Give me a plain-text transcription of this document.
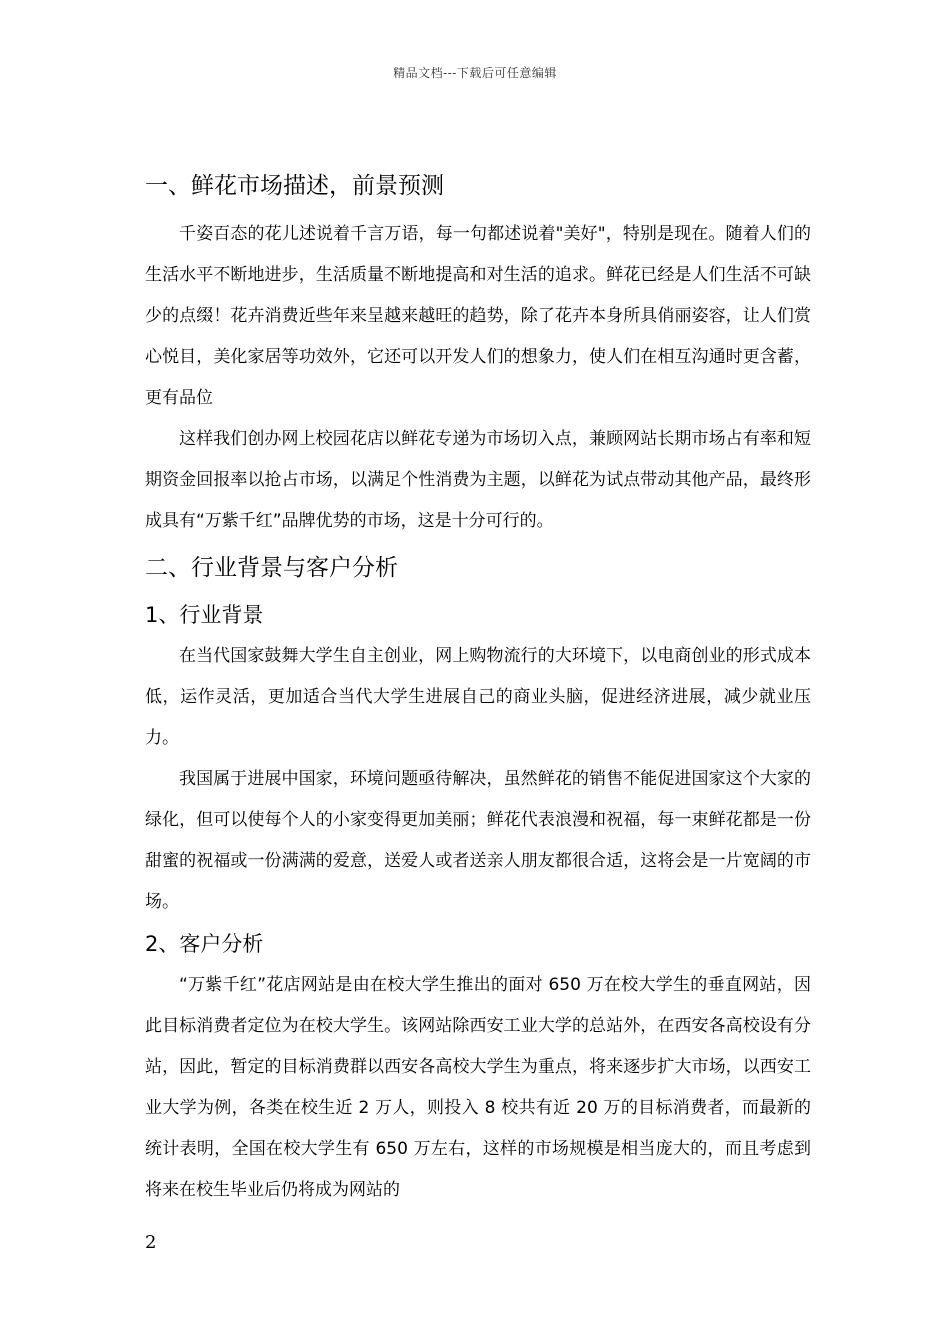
精品文档---下载后可任意编辑
一、鲜花市场描述，前景预测

千姿百态的花儿述说着千言万语，每一句都述说着"美好"，特别是现在。随着人们的生活水平不断地进步，生活质量不断地提高和对生活的追求。鲜花已经是人们生活不可缺少的点缀！花卉消费近些年来呈越来越旺的趋势，除了花卉本身所具俏丽姿容，让人们赏心悦目，美化家居等功效外，它还可以开发人们的想象力，使人们在相互沟通时更含蓄，更有品位

这样我们创办网上校园花店以鲜花专递为市场切入点，兼顾网站长期市场占有率和短期资金回报率以抢占市场，以满足个性消费为主题，以鲜花为试点带动其他产品，最终形成具有“万紫千红”品牌优势的市场，这是十分可行的。

二、行业背景与客户分析
1、行业背景

在当代国家鼓舞大学生自主创业，网上购物流行的大环境下，以电商创业的形式成本低，运作灵活，更加适合当代大学生进展自己的商业头脑，促进经济进展，减少就业压力。

我国属于进展中国家，环境问题亟待解决，虽然鲜花的销售不能促进国家这个大家的绿化，但可以使每个人的小家变得更加美丽；鲜花代表浪漫和祝福，每一束鲜花都是一份甜蜜的祝福或一份满满的爱意，送爱人或者送亲人朋友都很合适，这将会是一片宽阔的市场。

2、客户分析

“万紫千红”花店网站是由在校大学生推出的面对 650 万在校大学生的垂直网站，因此目标消费者定位为在校大学生。该网站除西安工业大学的总站外，在西安各高校设有分站，因此，暂定的目标消费群以西安各高校大学生为重点，将来逐步扩大市场，以西安工业大学为例，各类在校生近 2 万人，则投入 8 校共有近 20 万的目标消费者，而最新的统计表明，全国在校大学生有 650 万左右，这样的市场规模是相当庞大的，而且考虑到将来在校生毕业后仍将成为网站的

2
